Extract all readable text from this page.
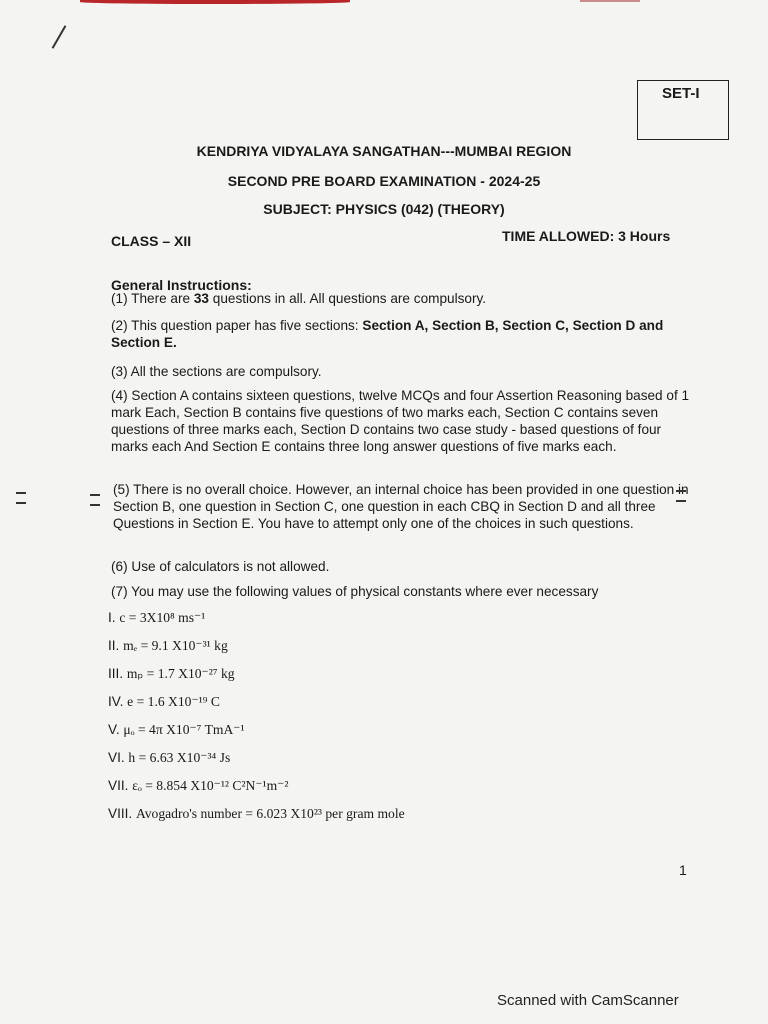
SET-I
KENDRIYA VIDYALAYA SANGATHAN---MUMBAI REGION
SECOND PRE BOARD EXAMINATION - 2024-25
SUBJECT: PHYSICS (042) (THEORY)
CLASS – XII	TIME ALLOWED: 3 Hours
General Instructions:
(1) There are 33 questions in all. All questions are compulsory.
(2) This question paper has five sections: Section A, Section B, Section C, Section D and Section E.
(3) All the sections are compulsory.
(4) Section A contains sixteen questions, twelve MCQs and four Assertion Reasoning based of 1 mark Each, Section B contains five questions of two marks each, Section C contains seven questions of three marks each, Section D contains two case study - based questions of four marks each And Section E contains three long answer questions of five marks each.
(5) There is no overall choice. However, an internal choice has been provided in one question in Section B, one question in Section C, one question in each CBQ in Section D and all three Questions in Section E. You have to attempt only one of the choices in such questions.
(6) Use of calculators is not allowed.
(7) You may use the following values of physical constants where ever necessary
I. c = 3X10⁸ ms⁻¹
II. mₑ = 9.1 X10⁻³¹ kg
III. mₚ = 1.7 X10⁻²⁷ kg
IV. e = 1.6 X10⁻¹⁹ C
V. μₒ = 4π X10⁻⁷ TmA⁻¹
VI. h = 6.63 X10⁻³⁴ Js
VII. εₒ = 8.854 X10⁻¹² C²N⁻¹m⁻²
VIII. Avogadro's number = 6.023 X10²³ per gram mole
1
Scanned with CamScanner
